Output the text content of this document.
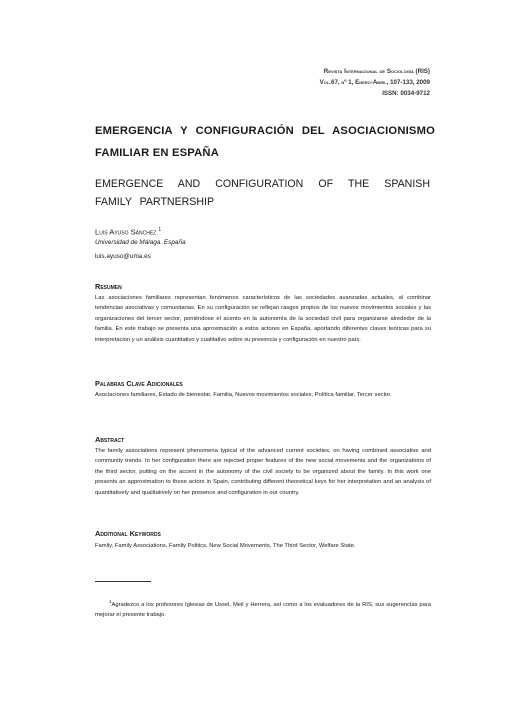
Revista Internacional de Sociología (RIS)
Vol.67, nº 1, Enero-Abril, 107-133, 2009
ISSN: 0034-9712
EMERGENCIA Y CONFIGURACIÓN DEL ASOCIACIONISMO FAMILIAR EN ESPAÑA
EMERGENCE AND CONFIGURATION OF THE SPANISH FAMILY PARTNERSHIP
Luis Ayuso Sánchez $^1$
Universidad de Málaga. España
luis.ayuso@uma.es
Resumen
Las asociaciones familiares representan fenómenos característicos de las sociedades avanzadas actuales, al combinar tendencias asociativas y comunitarias. En su configuración se reflejan rasgos propios de los nuevos movimientos sociales y las organizaciones del tercer sector, poniéndose el acento en la autonomía de la sociedad civil para organizarse alrededor de la familia. En este trabajo se presenta una aproximación a estos actores en España, aportando diferentes claves teóricas para su interpretación y un análisis cuantitativo y cualitativo sobre su presencia y configuración en nuestro país.
Palabras Clave Adicionales
Asociaciones familiares, Estado de bienestar, Familia, Nuevos movimientos sociales, Política familiar, Tercer sector.
Abstract
The family associations represent phenomena typical of the advanced current societies, on having combined associative and community trends. In her configuration there are rejected proper features of the new social movements and the organizations of the third sector, putting on the accent in the autonomy of the civil society to be organized about the family. In this work one presents an approximation to these actors in Spain, contributing different theoretical keys for her interpretation and an analysis of quantitatively and qualitatively on her presence and configuration in our country.
Additional Keywords
Family, Family Associations, Family Politics, New Social Movements, The Third Sector, Welfare State.
$^1$Agradezco a los profesores Iglesias de Ussel, Meil y Herrera, así como a los evaluadores de la RIS, sus sugerencias para mejorar el presente trabajo.
